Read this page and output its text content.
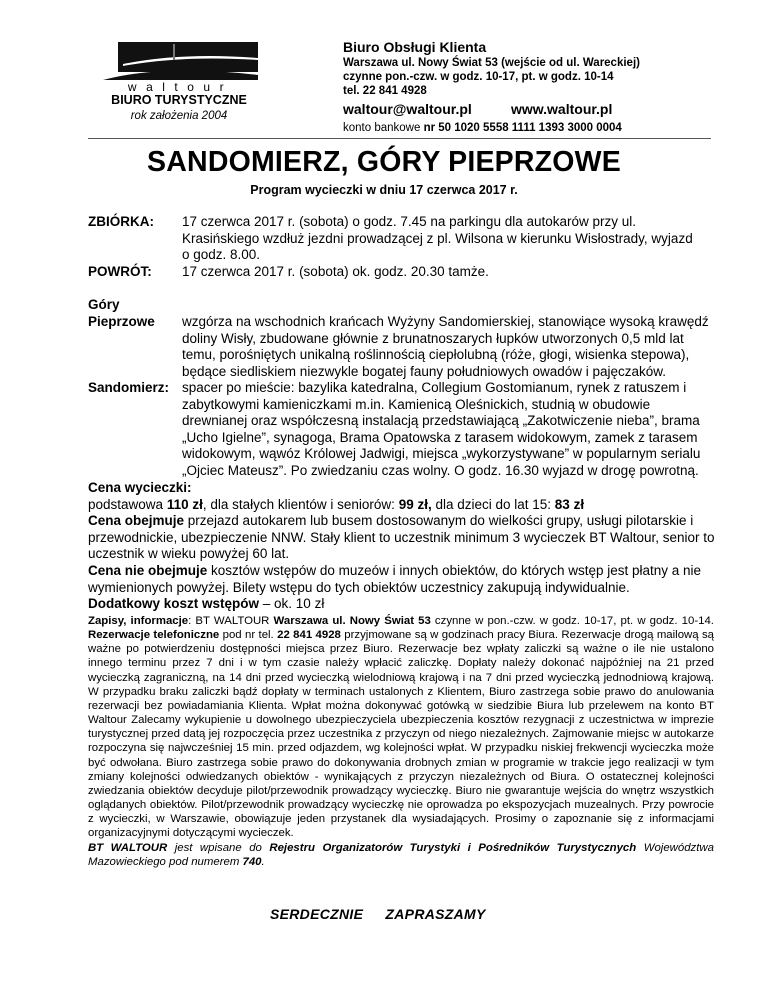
waltour
BIURO TURYSTYCZNE
rok założenia 2004
Biuro Obsługi Klienta
Warszawa ul. Nowy Świat 53 (wejście od ul. Wareckiej)
czynne pon.-czw. w godz. 10-17, pt. w godz. 10-14
tel. 22 841 4928
waltour@waltour.pl	www.waltour.pl
konto bankowe nr 50 1020 5558 1111 1393 3000 0004
SANDOMIERZ, GÓRY PIEPRZOWE
Program wycieczki w dniu 17 czerwca 2017 r.
ZBIÓRKA: 17 czerwca 2017 r. (sobota) o godz. 7.45 na parkingu dla autokarów przy ul. Krasińskiego wzdłuż jezdni prowadzącej z pl. Wilsona w kierunku Wisłostrady, wyjazd o godz. 8.00.
POWRÓT: 17 czerwca 2017 r. (sobota) ok. godz. 20.30 tamże.
Góry
Pieprzowe wzgórza na wschodnich krańcach Wyżyny Sandomierskiej, stanowiące wysoką krawędź doliny Wisły, zbudowane głównie z brunatnoszarych łupków utworzonych 0,5 mld lat temu, porośniętych unikalną roślinnością ciepłolubną (róże, głogi, wisienka stepowa), będące siedliskiem niezwykle bogatej fauny południowych owadów i pajęczaków.
Sandomierz: spacer po mieście: bazylika katedralna, Collegium Gostomianum, rynek z ratuszem i zabytkowymi kamieniczkami m.in. Kamienicą Oleśnickich, studnią w obudowie drewnianej oraz współczesną instalacją przedstawiającą „Zakotwiczenie nieba”, brama „Ucho Igielne”, synagoga, Brama Opatowska z tarasem widokowym, zamek z tarasem widokowym, wąwóz Królowej Jadwigi, miejsca „wykorzystywane” w popularnym serialu „Ojciec Mateusz”. Po zwiedzaniu czas wolny. O godz. 16.30 wyjazd w drogę powrotną.
Cena wycieczki:
podstawowa 110 zł, dla stałych klientów i seniorów: 99 zł, dla dzieci do lat 15: 83 zł
Cena obejmuje przejazd autokarem lub busem dostosowanym do wielkości grupy, usługi pilotarskie i przewodnickie, ubezpieczenie NNW. Stały klient to uczestnik minimum 3 wycieczek BT Waltour, senior to uczestnik w wieku powyżej 60 lat.
Cena nie obejmuje kosztów wstępów do muzeów i innych obiektów, do których wstęp jest płatny a nie wymienionych powyżej. Bilety wstępu do tych obiektów uczestnicy zakupują indywidualnie.
Dodatkowy koszt wstępów – ok. 10 zł
Zapisy, informacje: BT WALTOUR Warszawa ul. Nowy Świat 53 czynne w pon.-czw. w godz. 10-17, pt. w godz. 10-14. Rezerwacje telefoniczne pod nr tel. 22 841 4928 przyjmowane są w godzinach pracy Biura. Rezerwacje drogą mailową są ważne po potwierdzeniu dostępności miejsca przez Biuro. Rezerwacje bez wpłaty zaliczki są ważne o ile nie ustalono innego terminu przez 7 dni i w tym czasie należy wpłacić zaliczkę. Dopłaty należy dokonać najpóźniej na 21 przed wycieczką zagraniczną, na 14 dni przed wycieczką wielodniową krajową i na 7 dni przed wycieczką jednodniową krajową. W przypadku braku zaliczki bądź dopłaty w terminach ustalonych z Klientem, Biuro zastrzega sobie prawo do anulowania rezerwacji bez powiadamiania Klienta. Wpłat można dokonywać gotówką w siedzibie Biura lub przelewem na konto BT Waltour Zalecamy wykupienie u dowolnego ubezpieczyciela ubezpieczenia kosztów rezygnacji z uczestnictwa w imprezie turystycznej przed datą jej rozpoczęcia przez uczestnika z przyczyn od niego niezależnych. Zajmowanie miejsc w autokarze rozpoczyna się najwcześniej 15 min. przed odjazdem, wg kolejności wpłat. W przypadku niskiej frekwencji wycieczka może być odwołana. Biuro zastrzega sobie prawo do dokonywania drobnych zmian w programie w trakcie jego realizacji w tym zmiany kolejności odwiedzanych obiektów - wynikających z przyczyn niezależnych od Biura. O ostatecznej kolejności zwiedzania obiektów decyduje pilot/przewodnik prowadzący wycieczkę. Biuro nie gwarantuje wejścia do wnętrz wszystkich oglądanych obiektów. Pilot/przewodnik prowadzący wycieczkę nie oprowadza po ekspozycjach muzealnych. Przy powrocie z wycieczki, w Warszawie, obowiązuje jeden przystanek dla wysiadających. Prosimy o zapoznanie się z informacjami organizacyjnymi dotyczącymi wycieczek.
BT WALTOUR jest wpisane do Rejestru Organizatorów Turystyki i Pośredników Turystycznych Województwa Mazowieckiego pod numerem 740.
SERDECZNIE ZAPRASZAMY
